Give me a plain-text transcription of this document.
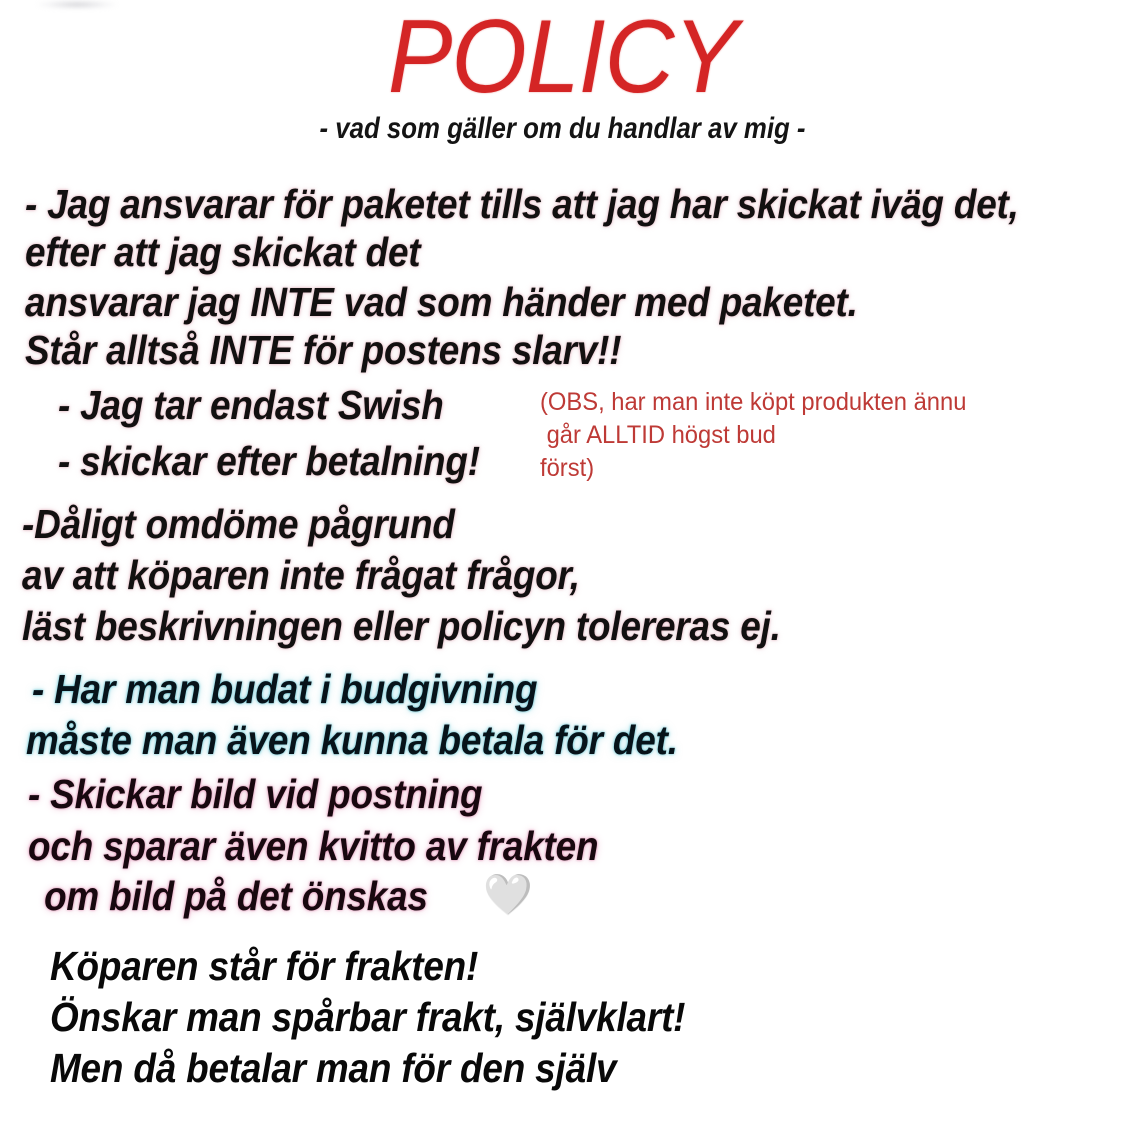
POLICY
- vad som gäller om du handlar av mig -
- Jag ansvarar för paketet tills att jag har skickat iväg det,
efter att jag skickat det
ansvarar jag INTE vad som händer med paketet.
Står alltså INTE för postens slarv!!
- Jag tar endast Swish
- skickar efter betalning!
(OBS, har man inte köpt produkten ännu
går ALLTID högst bud
först)
-Dåligt omdöme pågrund
av att köparen inte frågat frågor,
läst beskrivningen eller policyn tolereras ej.
- Har man budat i budgivning
måste man även kunna betala för det.
- Skickar bild vid postning
och sparar även kvitto av frakten
om bild på det önskas 🤍
Köparen står för frakten!
Önskar man spårbar frakt, självklart!
Men då betalar man för den själv
